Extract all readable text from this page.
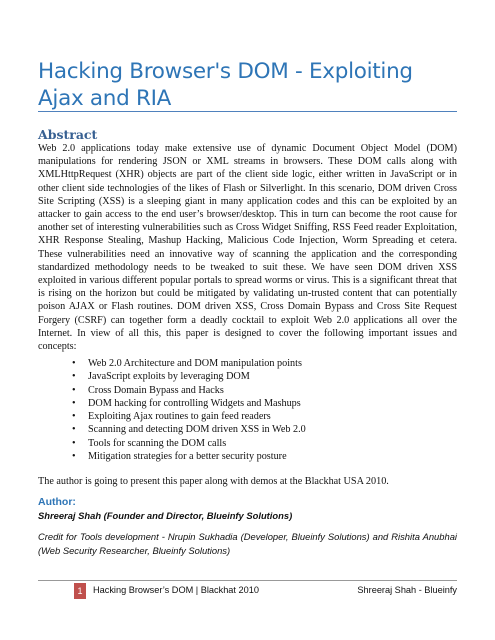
Hacking Browser's DOM - Exploiting Ajax and RIA
Abstract
Web 2.0 applications today make extensive use of dynamic Document Object Model (DOM) manipulations for rendering JSON or XML streams in browsers. These DOM calls along with XMLHttpRequest (XHR) objects are part of the client side logic, either written in JavaScript or in other client side technologies of the likes of Flash or Silverlight. In this scenario, DOM driven Cross Site Scripting (XSS) is a sleeping giant in many application codes and this can be exploited by an attacker to gain access to the end user’s browser/desktop. This in turn can become the root cause for another set of interesting vulnerabilities such as Cross Widget Sniffing, RSS Feed reader Exploitation, XHR Response Stealing, Mashup Hacking, Malicious Code Injection, Worm Spreading et cetera. These vulnerabilities need an innovative way of scanning the application and the corresponding standardized methodology needs to be tweaked to suit these. We have seen DOM driven XSS exploited in various different popular portals to spread worms or virus. This is a significant threat that is rising on the horizon but could be mitigated by validating un-trusted content that can potentially poison AJAX or Flash routines. DOM driven XSS, Cross Domain Bypass and Cross Site Request Forgery (CSRF) can together form a deadly cocktail to exploit Web 2.0 applications all over the Internet. In view of all this, this paper is designed to cover the following important issues and concepts:
• Web 2.0 Architecture and DOM manipulation points
• JavaScript exploits by leveraging DOM
• Cross Domain Bypass and Hacks
• DOM hacking for controlling Widgets and Mashups
• Exploiting Ajax routines to gain feed readers
• Scanning and detecting DOM driven XSS in Web 2.0
• Tools for scanning the DOM calls
• Mitigation strategies for a better security posture
The author is going to present this paper along with demos at the Blackhat USA 2010.
Author:
Shreeraj Shah (Founder and Director, Blueinfy Solutions)
Credit for Tools development - Nrupin Sukhadia (Developer, Blueinfy Solutions) and Rishita Anubhai (Web Security Researcher, Blueinfy Solutions)
1	Hacking Browser’s DOM | Blackhat 2010	Shreeraj Shah - Blueinfy
